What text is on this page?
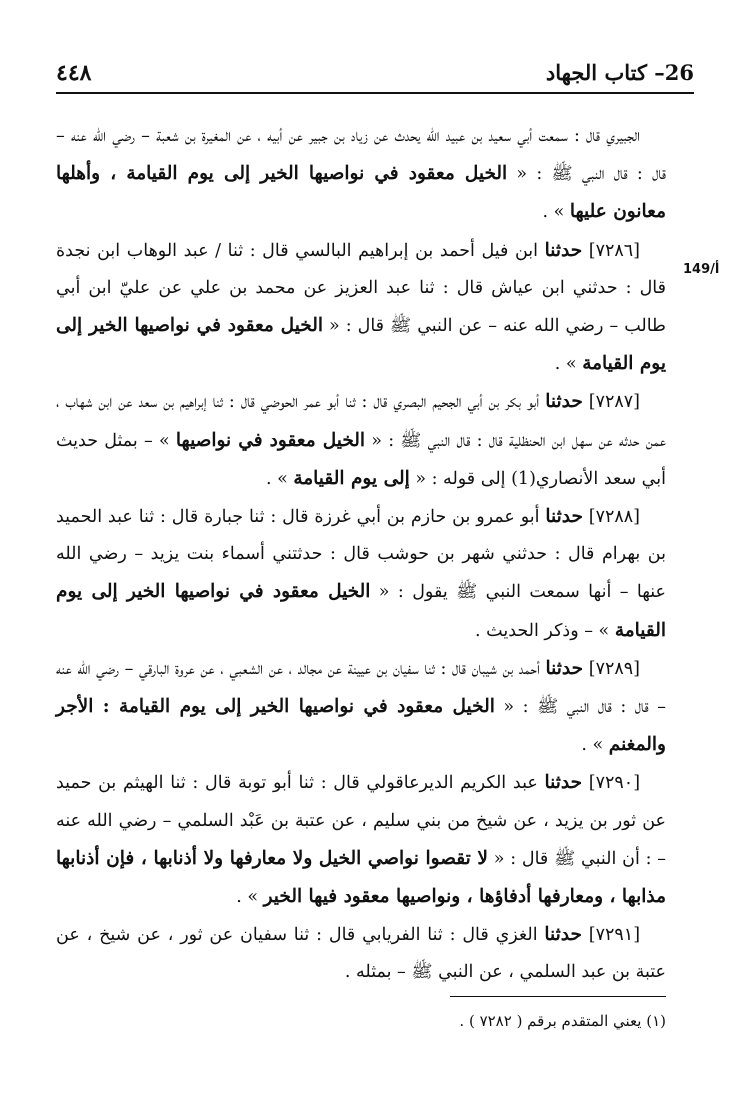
٤٤٨	26– كتاب الجهاد
149/أ

الجبيري قال : سمعت أبي سعيد بن عبيد الله يحدث عن زياد بن جبير عن أبيه ، عن المغيرة بن شعبة – رضي الله عنه – قال : قال النبي ﷺ : « الخيل معقود في نواصيها الخير إلى يوم القيامة ، وأهلها معانون عليها » .

[٧٢٨٦] حدثنا ابن فيل أحمد بن إبراهيم البالسي قال : ثنا / عبد الوهاب ابن نجدة قال : حدثني ابن عياش قال : ثنا عبد العزيز عن محمد بن علي عن عليّ ابن أبي طالب – رضي الله عنه – عن النبي ﷺ قال : « الخيل معقود في نواصيها الخير إلى يوم القيامة » .

[٧٢٨٧] حدثنا أبو بكر بن أبي الجحيم البصري قال : ثنا أبو عمر الحوضي قال : ثنا إبراهيم بن سعد عن ابن شهاب ، عمن حدثه عن سهل ابن الحنظلية قال : قال النبي ﷺ : « الخيل معقود في نواصيها » – بمثل حديث أبي سعد الأنصاري(1) إلى قوله : « إلى يوم القيامة » .

[٧٢٨٨] حدثنا أبو عمرو بن حازم بن أبي غرزة قال : ثنا جبارة قال : ثنا عبد الحميد بن بهرام قال : حدثني شهر بن حوشب قال : حدثتني أسماء بنت يزيد – رضي الله عنها – أنها سمعت النبي ﷺ يقول : « الخيل معقود في نواصيها الخير إلى يوم القيامة » – وذكر الحديث .

[٧٢٨٩] حدثنا أحمد بن شيبان قال : ثنا سفيان بن عيينة عن مجالد ، عن الشعبي ، عن عروة البارقي – رضي الله عنه – قال : قال النبي ﷺ : « الخيل معقود في نواصيها الخير إلى يوم القيامة : الأجر والمغنم » .

[٧٢٩٠] حدثنا عبد الكريم الديرعاقولي قال : ثنا أبو توبة قال : ثنا الهيثم بن حميد عن ثور بن يزيد ، عن شيخ من بني سليم ، عن عتبة بن عَبْد السلمي – رضي الله عنه – : أن النبي ﷺ قال : « لا تقصوا نواصي الخيل ولا معارفها ولا أذنابها ، فإن أذنابها مذابها ، ومعارفها أدفاؤها ، ونواصيها معقود فيها الخير » .

[٧٢٩١] حدثنا الغزي قال : ثنا الفريابي قال : ثنا سفيان عن ثور ، عن شيخ ، عن عتبة بن عبد السلمي ، عن النبي ﷺ – بمثله .

(١) يعني المتقدم برقم ( ٧٢٨٢ ) .
